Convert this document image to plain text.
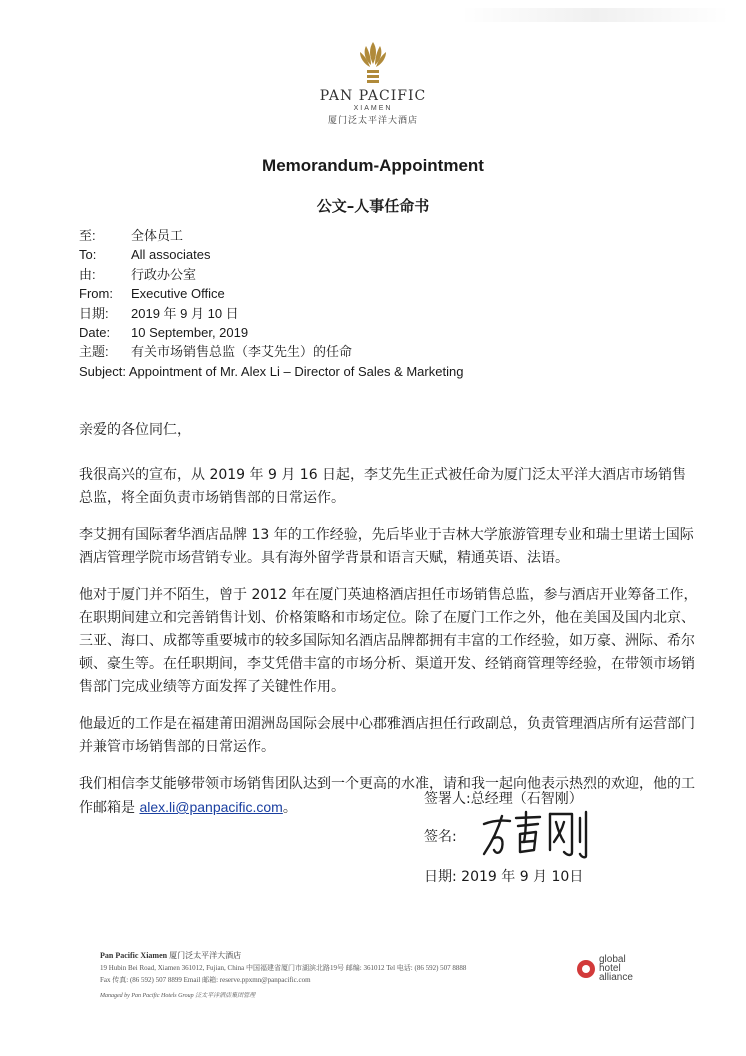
PAN PACIFIC
XIAMEN
厦门泛太平洋大酒店
Memorandum-Appointment
公文–人事任命书
至:	全体员工
To:	All associates
由:	行政办公室
From: Executive Office
日期: 2019 年 9 月 10 日
Date: 10 September, 2019
主题: 有关市场销售总监（李艾先生）的任命
Subject: Appointment of Mr. Alex Li – Director of Sales & Marketing

亲爱的各位同仁，

我很高兴的宣布，从 2019 年 9 月 16 日起，李艾先生正式被任命为厦门泛太平洋大酒店市场销售总监，将全面负责市场销售部的日常运作。

李艾拥有国际奢华酒店品牌 13 年的工作经验，先后毕业于吉林大学旅游管理专业和瑞士里诺士国际酒店管理学院市场营销专业。具有海外留学背景和语言天赋，精通英语、法语。

他对于厦门并不陌生，曾于 2012 年在厦门英迪格酒店担任市场销售总监，参与酒店开业筹备工作，在职期间建立和完善销售计划、价格策略和市场定位。除了在厦门工作之外，他在美国及国内北京、三亚、海口、成都等重要城市的较多国际知名酒店品牌都拥有丰富的工作经验，如万豪、洲际、希尔顿、豪生等。在任职期间，李艾凭借丰富的市场分析、渠道开发、经销商管理等经验，在带领市场销售部门完成业绩等方面发挥了关键性作用。

他最近的工作是在福建莆田湄洲岛国际会展中心郡雅酒店担任行政副总，负责管理酒店所有运营部门并兼管市场销售部的日常运作。

我们相信李艾能够带领市场销售团队达到一个更高的水准，请和我一起向他表示热烈的欢迎，他的工作邮箱是 alex.li@panpacific.com。

签署人:总经理（石智刚）
签名:
日期: 2019 年 9 月 10日
Pan Pacific Xiamen 厦门泛太平洋大酒店
19 Hubin Bei Road, Xiamen 361012, Fujian, China 中国福建省厦门市湖滨北路19号 邮编: 361012 Tel 电话: (86 592) 507 8888
Fax 传真: (86 592) 507 8899 Email 邮箱: reserve.ppxmn@panpacific.com
Managed by Pan Pacific Hotels Group 泛太平洋酒店集团管理
global
hotel
alliance
